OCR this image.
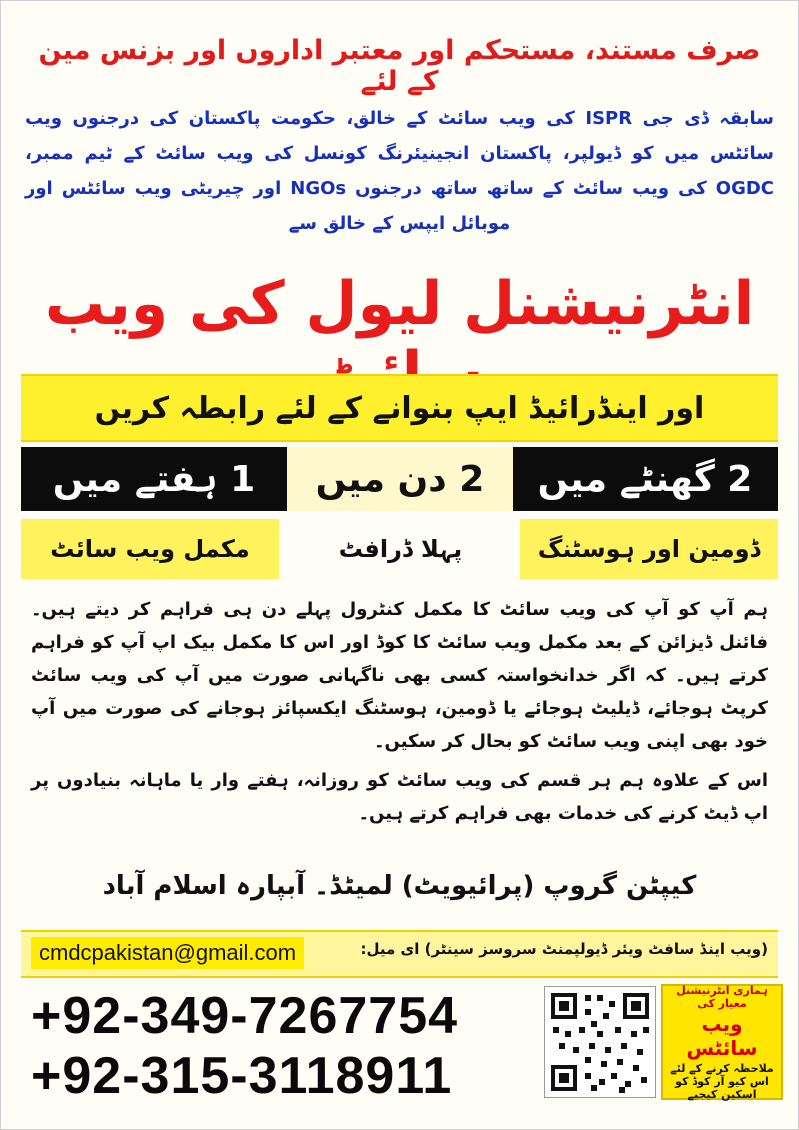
صرف مستند، مستحکم اور معتبر اداروں اور بزنس مین کے لئے
سابقہ ڈی جی ISPR کی ویب سائٹ کے خالق، حکومت پاکستان کی درجنوں ویب سائٹس میں کو ڈیولپر، پاکستان انجینیئرنگ کونسل کی ویب سائٹ کے ٹیم ممبر، OGDC کی ویب سائٹ کے ساتھ ساتھ درجنوں NGOs اور چیریٹی ویب سائٹس اور موبائل ایپس کے خالق سے
انٹرنیشنل لیول کی ویب
اور اینڈرائیڈ ایپ بنوانے کے لئے رابطہ کریں
2 گھنٹے میں
2 دن میں
1 ہفتے میں
ڈومین اور ہوسٹنگ
پہلا ڈرافٹ
مکمل ویب سائٹ
ہم آپ کو آپ کی ویب سائٹ کا مکمل کنٹرول پہلے دن ہی فراہم کر دیتے ہیں۔ فائنل ڈیزائن کے بعد مکمل ویب سائٹ کا کوڈ اور اس کا مکمل بیک اپ آپ کو فراہم کرتے ہیں۔ کہ اگر خدانخواستہ کسی بھی ناگہانی صورت میں آپ کی ویب سائٹ کرپٹ ہوجائے، ڈیلیٹ ہوجائے یا ڈومین، ہوسٹنگ ایکسپائز ہوجانے کی صورت میں آپ خود بھی اپنی ویب سائٹ کو بحال کر سکیں۔
اس کے علاوہ ہم ہر قسم کی ویب سائٹ کو روزانہ، ہفتے وار یا ماہانہ بنیادوں پر اپ ڈیٹ کرنے کی خدمات بھی فراہم کرتے ہیں۔
کیپٹن گروپ (پرائیویٹ) لمیٹڈ۔ آبپارہ اسلام آباد
cmdcpakistan@gmail.com	(ویب اینڈ سافٹ ویئر ڈیولپمنٹ سروسز سینٹر) ای میل:
+92-349-7267754
+92-315-3118911
ہماری انٹرنیشنل معیار کی
ویب سائٹس
ملاحظہ کرنے کے لئے
اس کیو آر کوڈ کو اسکین کیجیے
